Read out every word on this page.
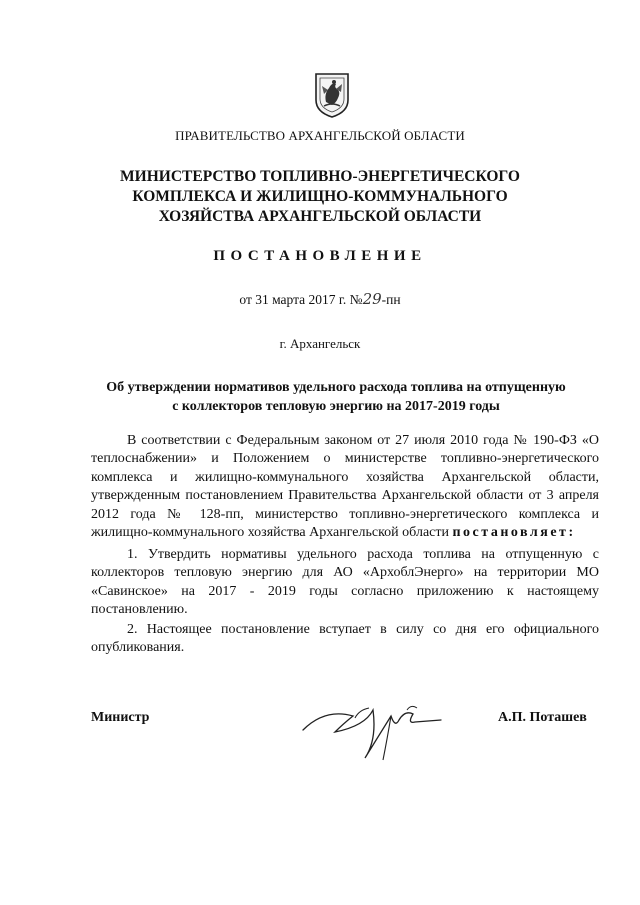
ПРАВИТЕЛЬСТВО АРХАНГЕЛЬСКОЙ ОБЛАСТИ
МИНИСТЕРСТВО ТОПЛИВНО-ЭНЕРГЕТИЧЕСКОГО
КОМПЛЕКСА И ЖИЛИЩНО-КОММУНАЛЬНОГО
ХОЗЯЙСТВА АРХАНГЕЛЬСКОЙ ОБЛАСТИ
ПОСТАНОВЛЕНИЕ
от 31 марта 2017 г. №29-пн
г. Архангельск
Об утверждении нормативов удельного расхода топлива на отпущенную
с коллекторов тепловую энергию на 2017-2019 годы
В соответствии с Федеральным законом от 27 июля 2010 года № 190-ФЗ «О теплоснабжении» и Положением о министерстве топливно-энергетического комплекса и жилищно-коммунального хозяйства Архангельской области, утвержденным постановлением Правительства Архангельской области от 3 апреля 2012 года № 128-пп, министерство топливно-энергетического комплекса и жилищно-коммунального хозяйства Архангельской области постановляет:
1. Утвердить нормативы удельного расхода топлива на отпущенную с коллекторов тепловую энергию для АО «АрхоблЭнерго» на территории МО «Савинское» на 2017 - 2019 годы согласно приложению к настоящему постановлению.
2. Настоящее постановление вступает в силу со дня его официального опубликования.
Министр	А.П. Поташев
